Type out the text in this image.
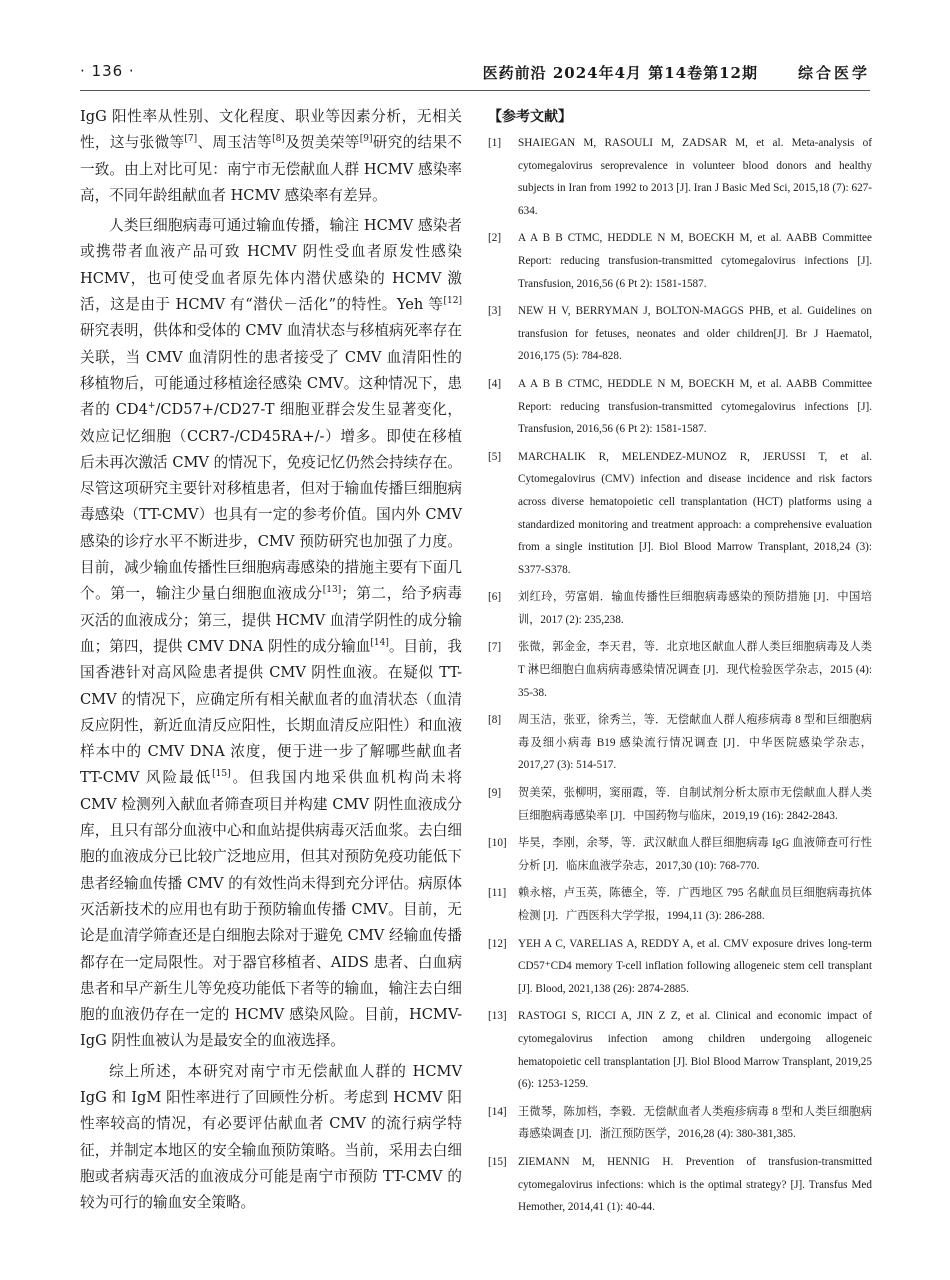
· 136 ·	医药前沿 2024年4月 第14卷第12期	综合医学

IgG 阳性率从性别、文化程度、职业等因素分析，无相关性，这与张微等[7]、周玉洁等[8]及贺美荣等[9]研究的结果不一致。由上对比可见：南宁市无偿献血人群 HCMV 感染率高，不同年龄组献血者 HCMV 感染率有差异。

人类巨细胞病毒可通过输血传播，输注 HCMV 感染者或携带者血液产品可致 HCMV 阴性受血者原发性感染 HCMV，也可使受血者原先体内潜伏感染的 HCMV 激活，这是由于 HCMV 有“潜伏－活化”的特性。Yeh 等[12]研究表明，供体和受体的 CMV 血清状态与移植病死率存在关联，当 CMV 血清阴性的患者接受了 CMV 血清阳性的移植物后，可能通过移植途径感染 CMV。这种情况下，患者的 CD4+/CD57+/CD27-T 细胞亚群会发生显著变化，效应记忆细胞（CCR7-/CD45RA+/-）增多。即使在移植后未再次激活 CMV 的情况下，免疫记忆仍然会持续存在。尽管这项研究主要针对移植患者，但对于输血传播巨细胞病毒感染（TT-CMV）也具有一定的参考价值。国内外 CMV 感染的诊疗水平不断进步，CMV 预防研究也加强了力度。目前，减少输血传播性巨细胞病毒感染的措施主要有下面几个。第一，输注少量白细胞血液成分[13]；第二，给予病毒灭活的血液成分；第三，提供 HCMV 血清学阴性的成分输血；第四，提供 CMV DNA 阴性的成分输血[14]。目前，我国香港针对高风险患者提供 CMV 阴性血液。在疑似 TT-CMV 的情况下，应确定所有相关献血者的血清状态（血清反应阴性，新近血清反应阳性，长期血清反应阳性）和血液样本中的 CMV DNA 浓度，便于进一步了解哪些献血者 TT-CMV 风险最低[15]。但我国内地采供血机构尚未将 CMV 检测列入献血者筛查项目并构建 CMV 阴性血液成分库，且只有部分血液中心和血站提供病毒灭活血浆。去白细胞的血液成分已比较广泛地应用，但其对预防免疫功能低下患者经输血传播 CMV 的有效性尚未得到充分评估。病原体灭活新技术的应用也有助于预防输血传播 CMV。目前，无论是血清学筛查还是白细胞去除对于避免 CMV 经输血传播都存在一定局限性。对于器官移植者、AIDS 患者、白血病患者和早产新生儿等免疫功能低下者等的输血，输注去白细胞的血液仍存在一定的 HCMV 感染风险。目前，HCMV-IgG 阴性血被认为是最安全的血液选择。

综上所述，本研究对南宁市无偿献血人群的 HCMV IgG 和 IgM 阳性率进行了回顾性分析。考虑到 HCMV 阳性率较高的情况，有必要评估献血者 CMV 的流行病学特征，并制定本地区的安全输血预防策略。当前，采用去白细胞或者病毒灭活的血液成分可能是南宁市预防 TT-CMV 的较为可行的输血安全策略。

【参考文献】
[1] SHAIEGAN M, RASOULI M, ZADSAR M, et al. Meta-analysis of cytomegalovirus seroprevalence in volunteer blood donors and healthy subjects in Iran from 1992 to 2013 [J]. Iran J Basic Med Sci, 2015,18 (7): 627-634.
[2] A A B B CTMC, HEDDLE N M, BOECKH M, et al. AABB Committee Report: reducing transfusion-transmitted cytomegalovirus infections [J]. Transfusion, 2016,56 (6 Pt 2): 1581-1587.
[3] NEW H V, BERRYMAN J, BOLTON-MAGGS PHB, et al. Guidelines on transfusion for fetuses, neonates and older children[J]. Br J Haematol, 2016,175 (5): 784-828.
[4] A A B B CTMC, HEDDLE N M, BOECKH M, et al. AABB Committee Report: reducing transfusion-transmitted cytomegalovirus infections [J]. Transfusion, 2016,56 (6 Pt 2): 1581-1587.
[5] MARCHALIK R, MELENDEZ-MUNOZ R, JERUSSI T, et al. Cytomegalovirus (CMV) infection and disease incidence and risk factors across diverse hematopoietic cell transplantation (HCT) platforms using a standardized monitoring and treatment approach: a comprehensive evaluation from a single institution [J]. Biol Blood Marrow Transplant, 2018,24 (3): S377-S378.
[6] 刘红玲，劳富娟．输血传播性巨细胞病毒感染的预防措施 [J]．中国培训，2017 (2): 235,238.
[7] 张微，郭金金，李天君，等．北京地区献血人群人类巨细胞病毒及人类 T 淋巴细胞白血病病毒感染情况调查 [J]．现代检验医学杂志，2015 (4): 35-38.
[8] 周玉洁，张亚，徐秀兰，等．无偿献血人群人疱疹病毒 8 型和巨细胞病毒及细小病毒 B19 感染流行情况调查 [J]．中华医院感染学杂志，2017,27 (3): 514-517.
[9] 贺美荣，张柳明，窦丽霞，等．自制试剂分析太原市无偿献血人群人类巨细胞病毒感染率 [J]．中国药物与临床，2019,19 (16): 2842-2843.
[10] 毕昊，李刚，余琴，等．武汉献血人群巨细胞病毒 IgG 血液筛查可行性分析 [J]．临床血液学杂志，2017,30 (10): 768-770.
[11] 赖永榕，卢玉英，陈德全，等．广西地区 795 名献血员巨细胞病毒抗体检测 [J]．广西医科大学学报，1994,11 (3): 286-288.
[12] YEH A C, VARELIAS A, REDDY A, et al. CMV exposure drives long-term CD57⁺CD4 memory T-cell inflation following allogeneic stem cell transplant [J]. Blood, 2021,138 (26): 2874-2885.
[13] RASTOGI S, RICCI A, JIN Z Z, et al. Clinical and economic impact of cytomegalovirus infection among children undergoing allogeneic hematopoietic cell transplantation [J]. Biol Blood Marrow Transplant, 2019,25 (6): 1253-1259.
[14] 王微琴，陈加档，李毅．无偿献血者人类疱疹病毒 8 型和人类巨细胞病毒感染调查 [J]．浙江预防医学，2016,28 (4): 380-381,385.
[15] ZIEMANN M, HENNIG H. Prevention of transfusion-transmitted cytomegalovirus infections: which is the optimal strategy? [J]. Transfus Med Hemother, 2014,41 (1): 40-44.
